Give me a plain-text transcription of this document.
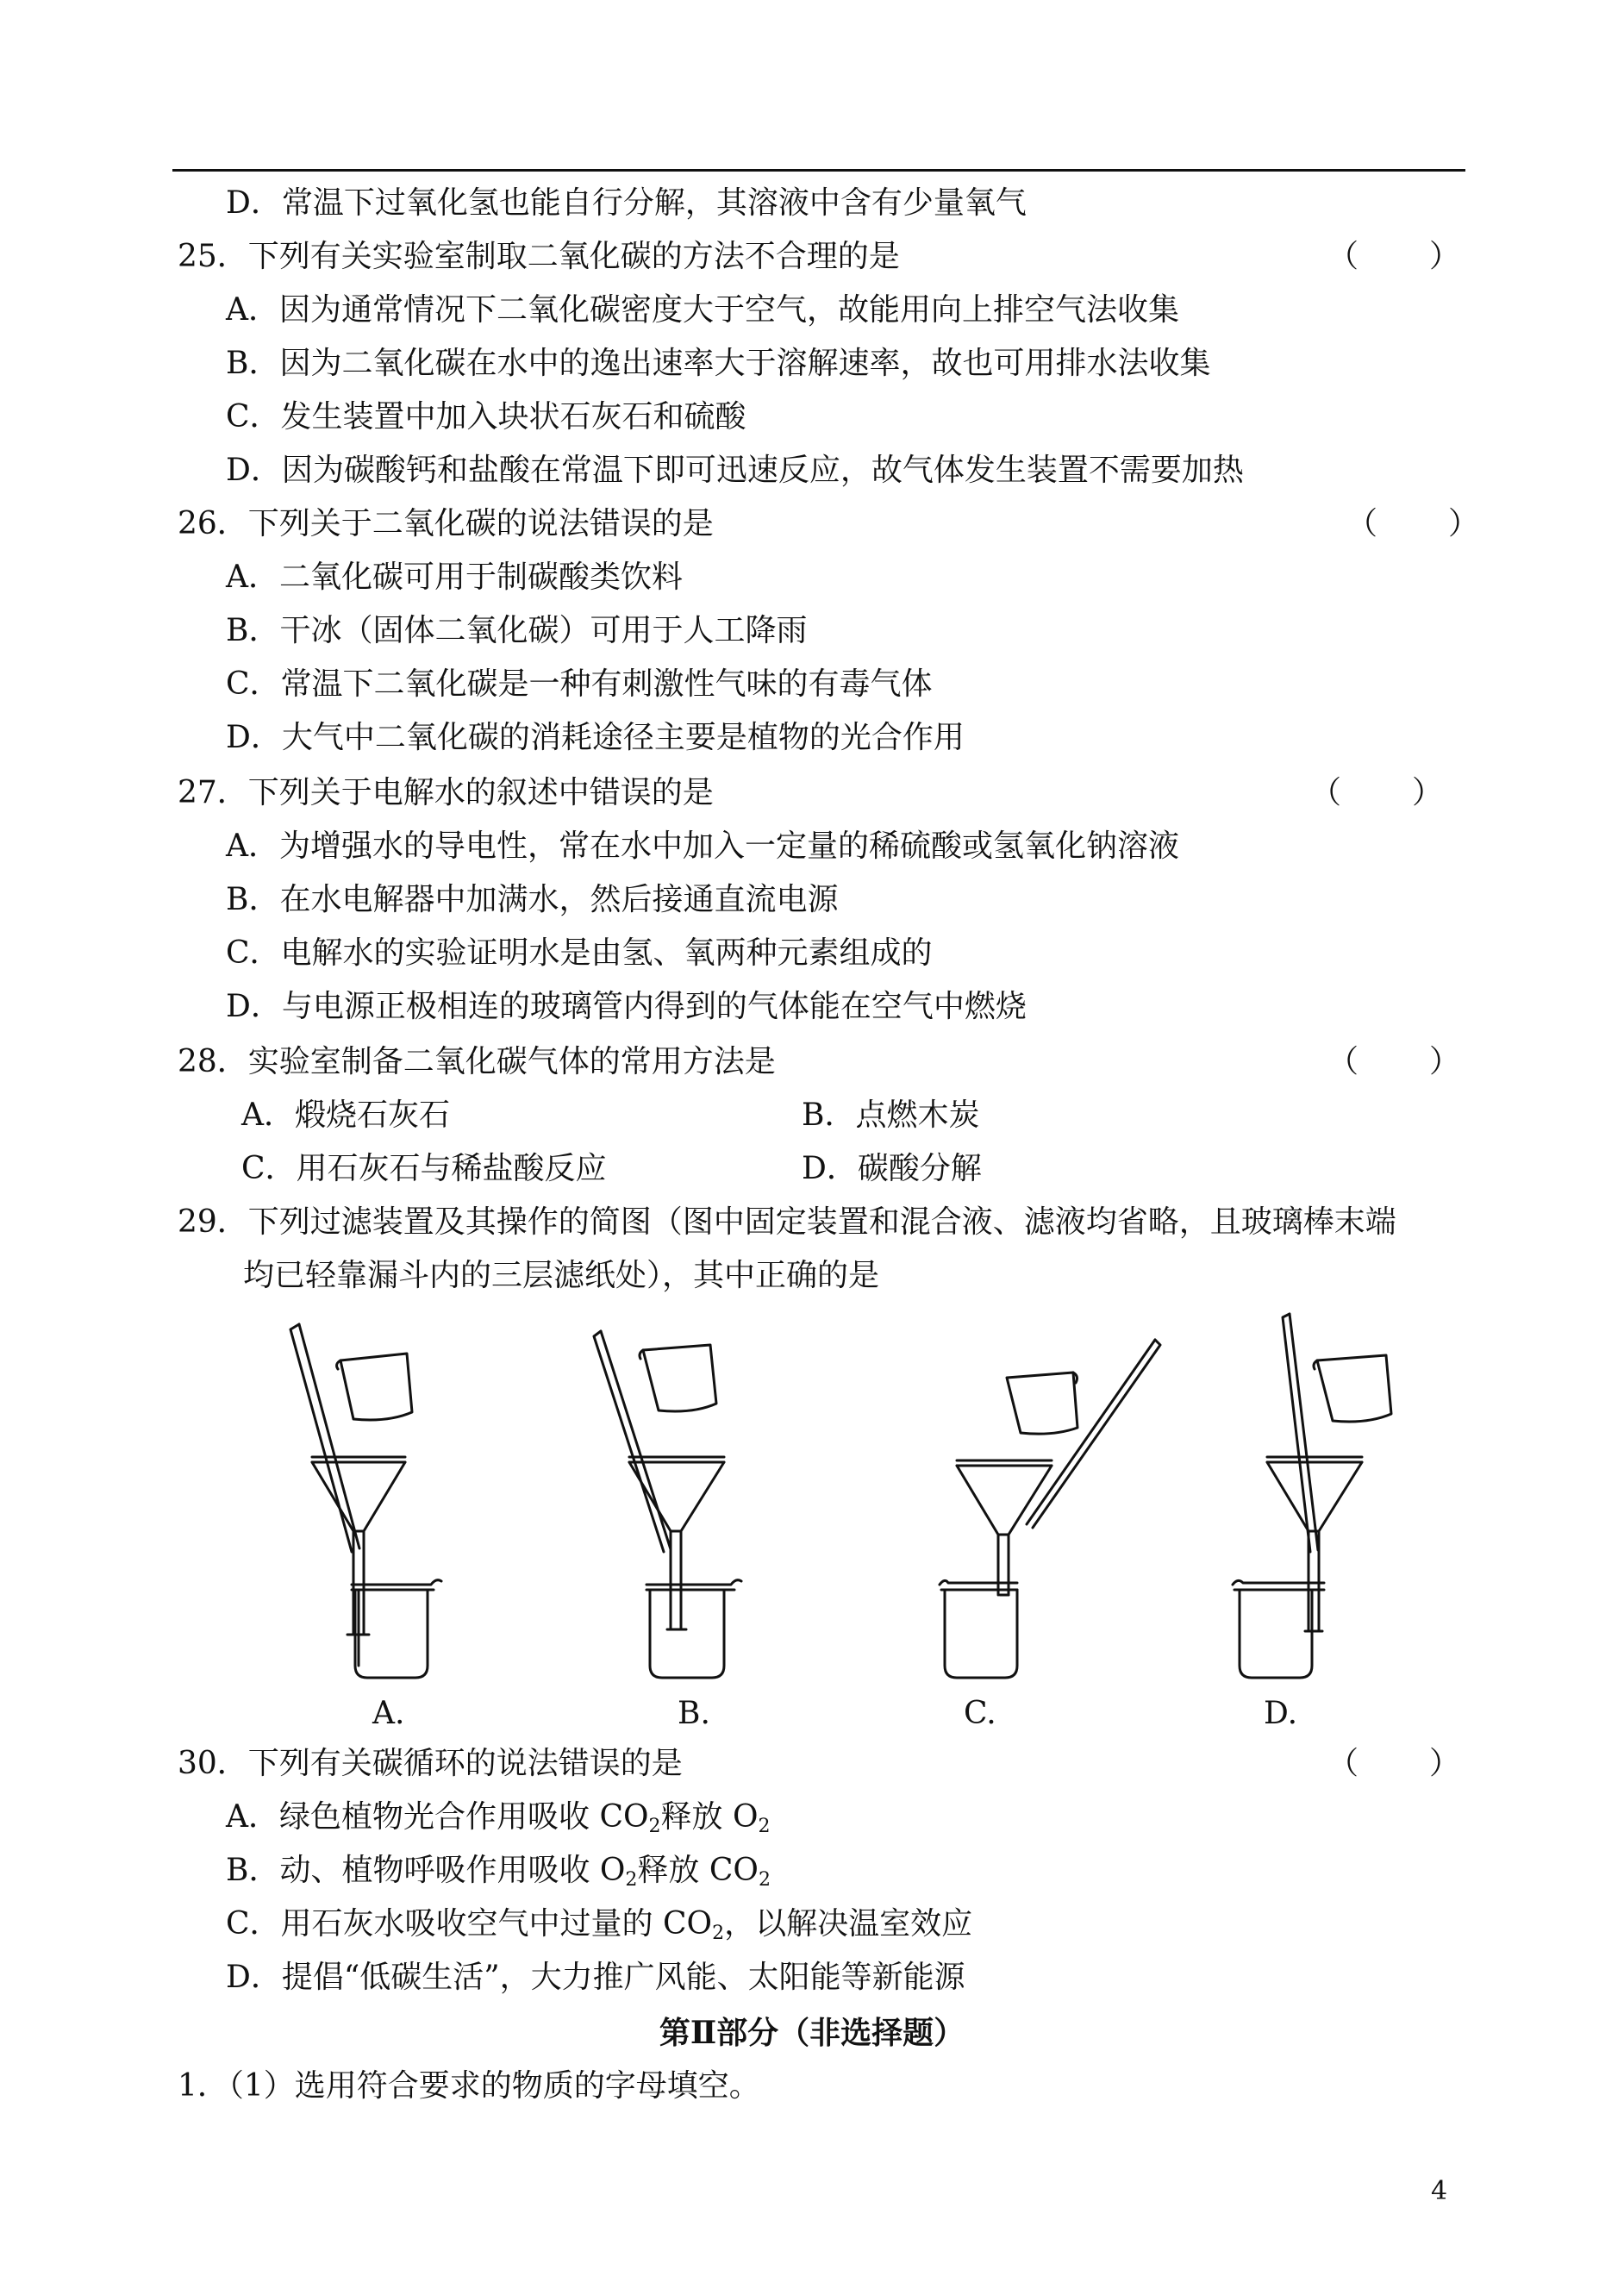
D．常温下过氧化氢也能自行分解，其溶液中含有少量氧气
25．下列有关实验室制取二氧化碳的方法不合理的是	（ ）
A．因为通常情况下二氧化碳密度大于空气，故能用向上排空气法收集
B．因为二氧化碳在水中的逸出速率大于溶解速率，故也可用排水法收集
C．发生装置中加入块状石灰石和硫酸
D．因为碳酸钙和盐酸在常温下即可迅速反应，故气体发生装置不需要加热
26．下列关于二氧化碳的说法错误的是	（ ）
A．二氧化碳可用于制碳酸类饮料
B．干冰（固体二氧化碳）可用于人工降雨
C．常温下二氧化碳是一种有刺激性气味的有毒气体
D．大气中二氧化碳的消耗途径主要是植物的光合作用
27．下列关于电解水的叙述中错误的是	（ ）
A．为增强水的导电性，常在水中加入一定量的稀硫酸或氢氧化钠溶液
B．在水电解器中加满水，然后接通直流电源
C．电解水的实验证明水是由氢、氧两种元素组成的
D．与电源正极相连的玻璃管内得到的气体能在空气中燃烧
28．实验室制备二氧化碳气体的常用方法是	（ ）
A．煅烧石灰石	B．点燃木炭
C．用石灰石与稀盐酸反应	D．碳酸分解
29．下列过滤装置及其操作的简图（图中固定装置和混合液、滤液均省略，且玻璃棒末端
均已轻靠漏斗内的三层滤纸处），其中正确的是
A.	B.	C.	D.
30．下列有关碳循环的说法错误的是	（ ）
A．绿色植物光合作用吸收 $CO_2$释放 $O_2$
B．动、植物呼吸作用吸收 $O_2$释放 $CO_2$
C．用石灰水吸收空气中过量的 $CO_2$，以解决温室效应
D．提倡“低碳生活”，大力推广风能、太阳能等新能源
第Ⅱ部分（非选择题）
1．（1）选用符合要求的物质的字母填空。
4
